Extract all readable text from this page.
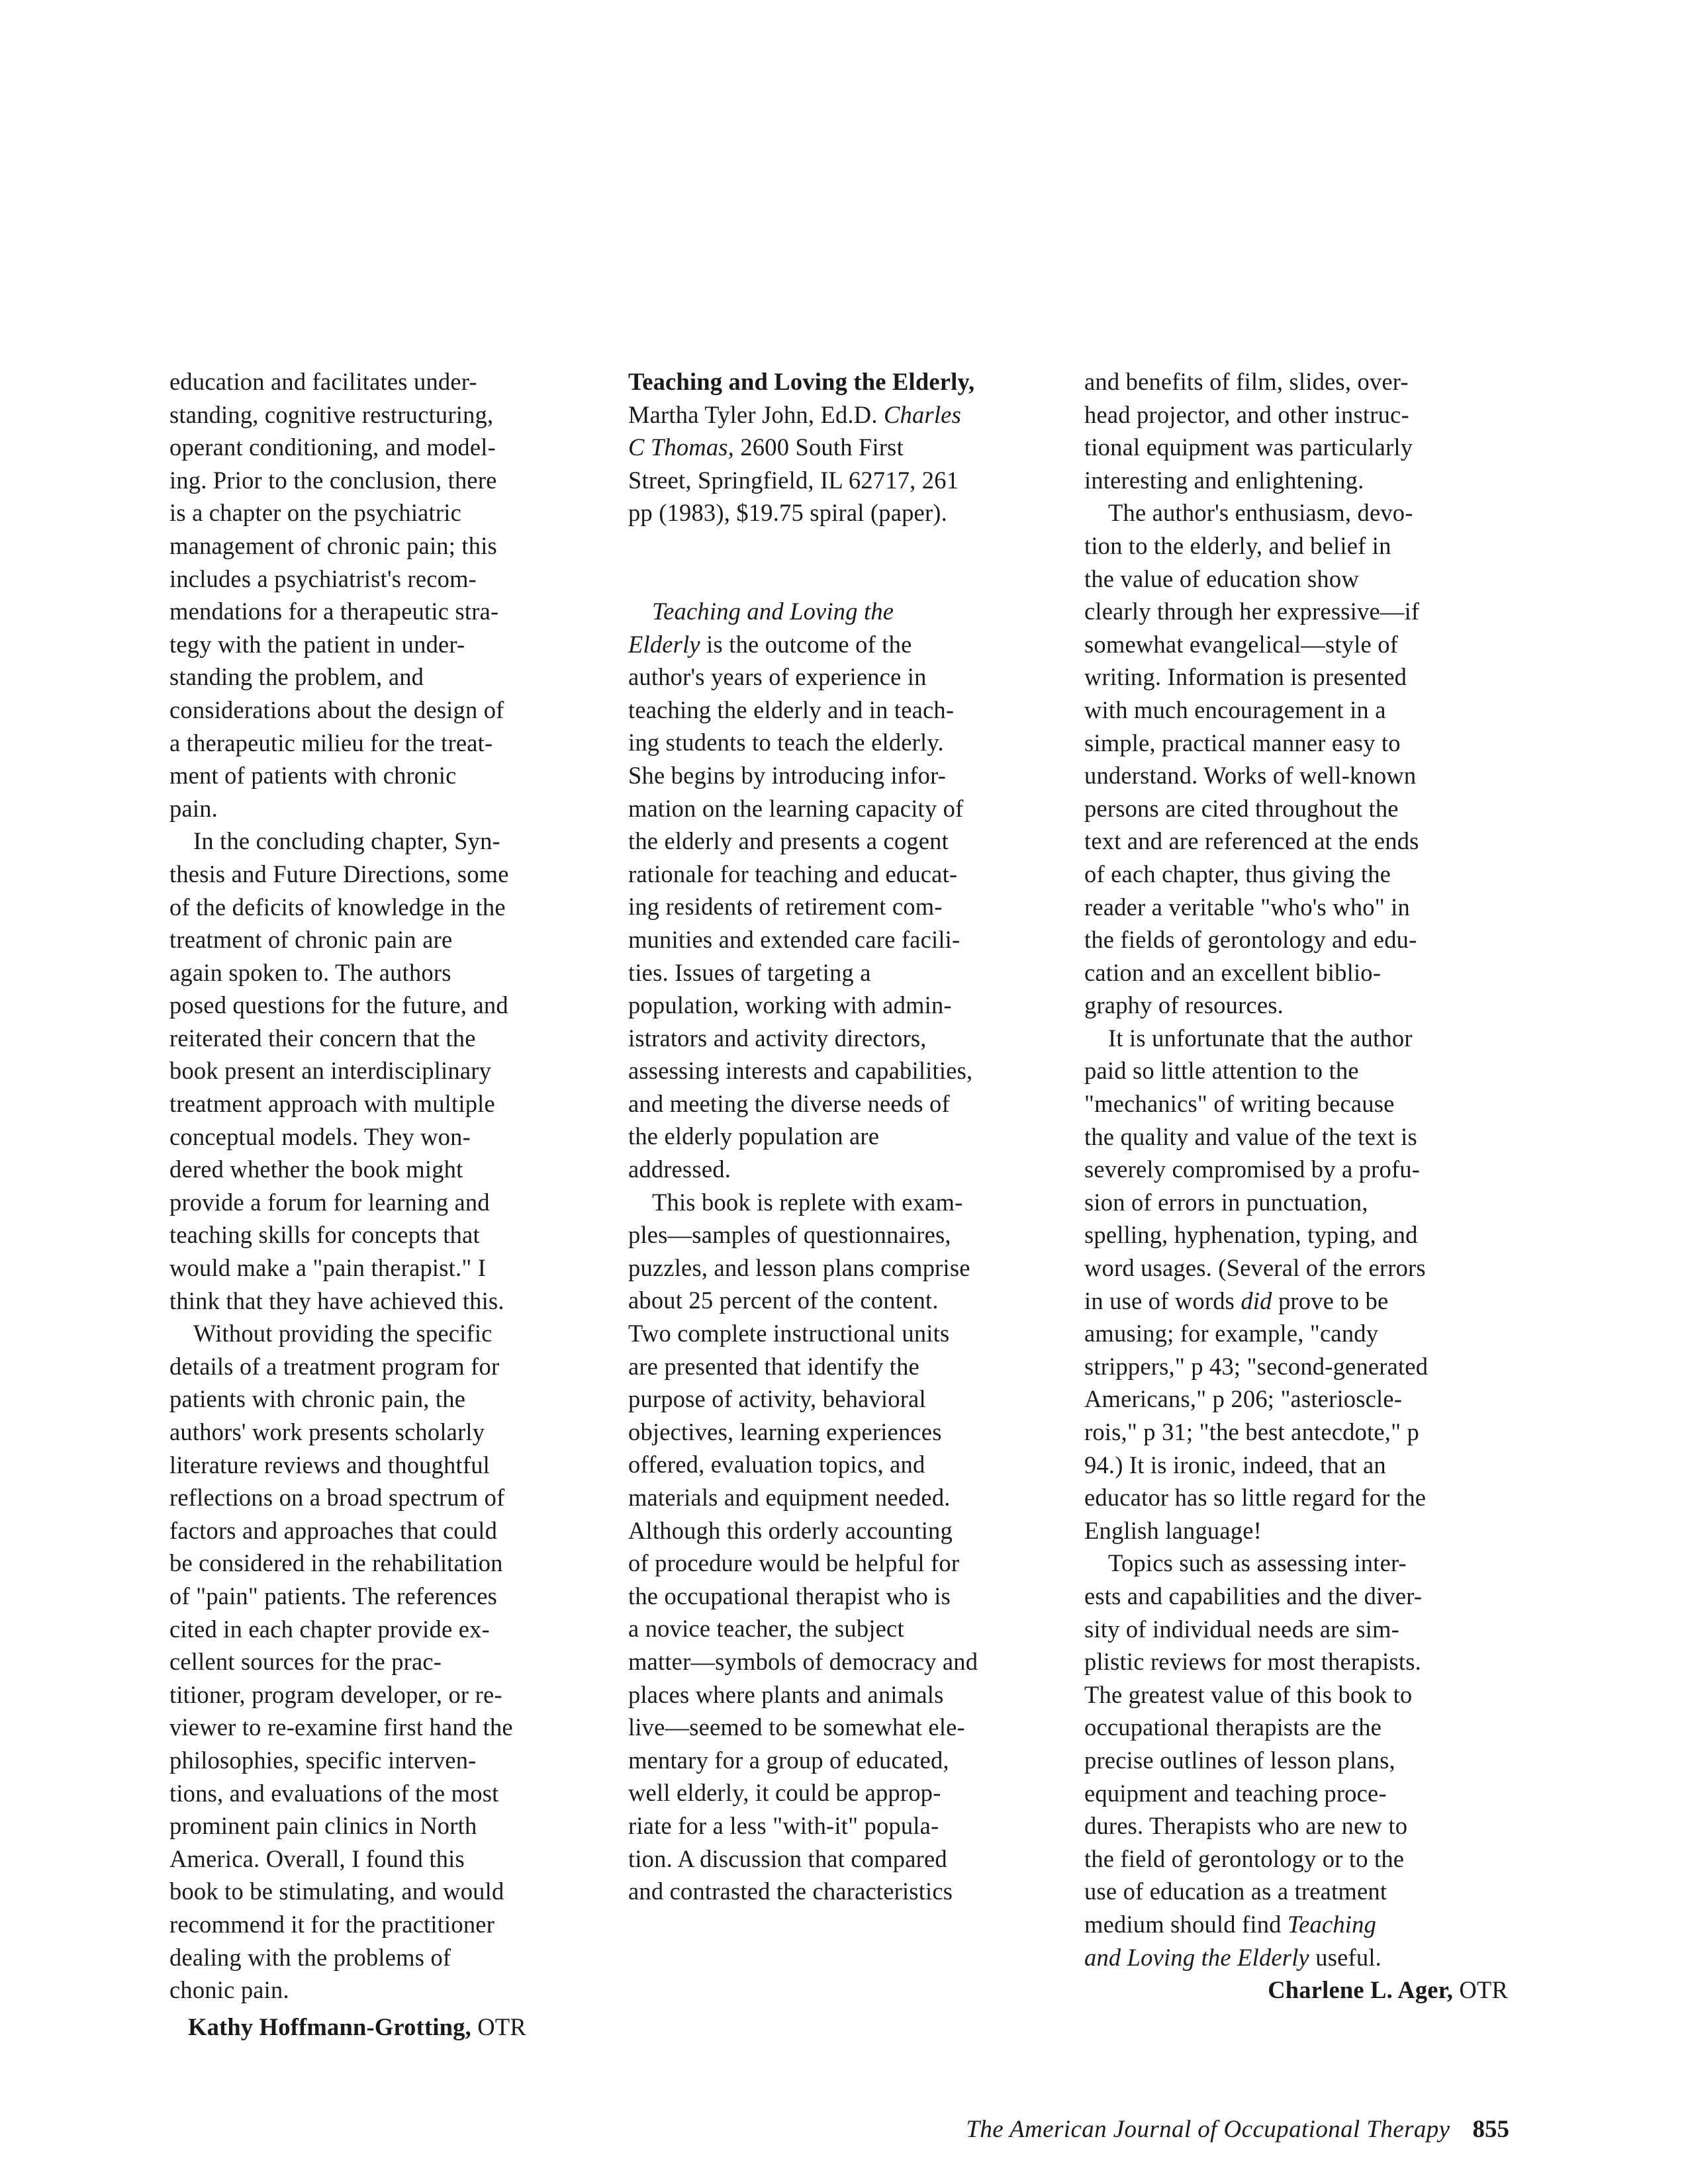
education and facilitates under-
standing, cognitive restructuring,
operant conditioning, and model-
ing. Prior to the conclusion, there
is a chapter on the psychiatric
management of chronic pain; this
includes a psychiatrist's recom-
mendations for a therapeutic stra-
tegy with the patient in under-
standing the problem, and
considerations about the design of
a therapeutic milieu for the treat-
ment of patients with chronic
pain.
In the concluding chapter, Syn-
thesis and Future Directions, some
of the deficits of knowledge in the
treatment of chronic pain are
again spoken to. The authors
posed questions for the future, and
reiterated their concern that the
book present an interdisciplinary
treatment approach with multiple
conceptual models. They won-
dered whether the book might
provide a forum for learning and
teaching skills for concepts that
would make a "pain therapist." I
think that they have achieved this.
Without providing the specific
details of a treatment program for
patients with chronic pain, the
authors' work presents scholarly
literature reviews and thoughtful
reflections on a broad spectrum of
factors and approaches that could
be considered in the rehabilitation
of "pain" patients. The references
cited in each chapter provide ex-
cellent sources for the prac-
titioner, program developer, or re-
viewer to re-examine first hand the
philosophies, specific interven-
tions, and evaluations of the most
prominent pain clinics in North
America. Overall, I found this
book to be stimulating, and would
recommend it for the practitioner
dealing with the problems of
chonic pain.
Kathy Hoffmann-Grotting, OTR
Teaching and Loving the Elderly,
Martha Tyler John, Ed.D. Charles
C Thomas, 2600 South First
Street, Springfield, IL 62717, 261
pp (1983), $19.75 spiral (paper).
Teaching and Loving the
Elderly is the outcome of the
author's years of experience in
teaching the elderly and in teach-
ing students to teach the elderly.
She begins by introducing infor-
mation on the learning capacity of
the elderly and presents a cogent
rationale for teaching and educat-
ing residents of retirement com-
munities and extended care facili-
ties. Issues of targeting a
population, working with admin-
istrators and activity directors,
assessing interests and capabilities,
and meeting the diverse needs of
the elderly population are
addressed.
This book is replete with exam-
ples—samples of questionnaires,
puzzles, and lesson plans comprise
about 25 percent of the content.
Two complete instructional units
are presented that identify the
purpose of activity, behavioral
objectives, learning experiences
offered, evaluation topics, and
materials and equipment needed.
Although this orderly accounting
of procedure would be helpful for
the occupational therapist who is
a novice teacher, the subject
matter—symbols of democracy and
places where plants and animals
live—seemed to be somewhat ele-
mentary for a group of educated,
well elderly, it could be approp-
riate for a less "with-it" popula-
tion. A discussion that compared
and contrasted the characteristics
and benefits of film, slides, over-
head projector, and other instruc-
tional equipment was particularly
interesting and enlightening.
The author's enthusiasm, devo-
tion to the elderly, and belief in
the value of education show
clearly through her expressive—if
somewhat evangelical—style of
writing. Information is presented
with much encouragement in a
simple, practical manner easy to
understand. Works of well-known
persons are cited throughout the
text and are referenced at the ends
of each chapter, thus giving the
reader a veritable "who's who" in
the fields of gerontology and edu-
cation and an excellent biblio-
graphy of resources.
It is unfortunate that the author
paid so little attention to the
"mechanics" of writing because
the quality and value of the text is
severely compromised by a profu-
sion of errors in punctuation,
spelling, hyphenation, typing, and
word usages. (Several of the errors
in use of words did prove to be
amusing; for example, "candy
strippers," p 43; "second-generated
Americans," p 206; "asteriosclе-
rois," p 31; "the best antecdote," p
94.) It is ironic, indeed, that an
educator has so little regard for the
English language!
Topics such as assessing inter-
ests and capabilities and the diver-
sity of individual needs are sim-
plistic reviews for most therapists.
The greatest value of this book to
occupational therapists are the
precise outlines of lesson plans,
equipment and teaching proce-
dures. Therapists who are new to
the field of gerontology or to the
use of education as a treatment
medium should find Teaching
and Loving the Elderly useful.
Charlene L. Ager, OTR
The American Journal of Occupational Therapy 855
